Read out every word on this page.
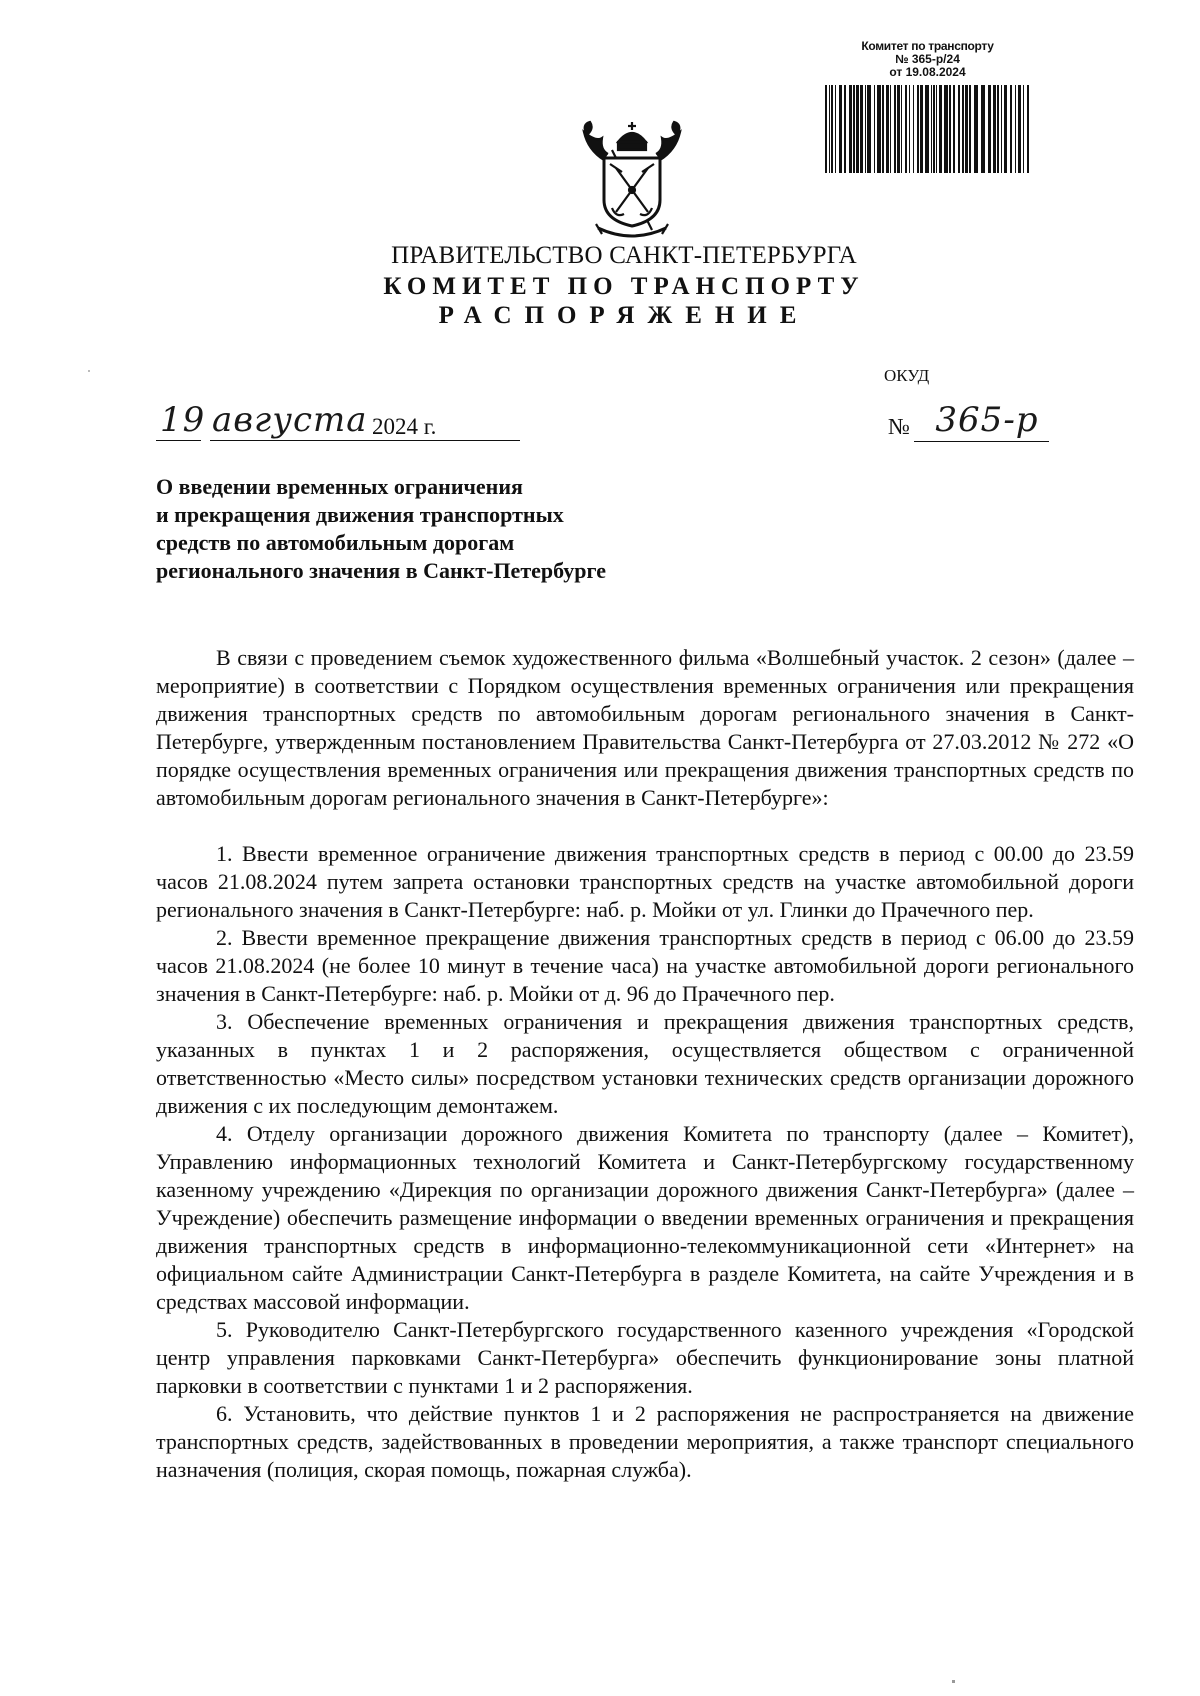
Комитет по транспорту
№ 365-р/24
от 19.08.2024
ПРАВИТЕЛЬСТВО САНКТ-ПЕТЕРБУРГА
КОМИТЕТ ПО ТРАНСПОРТУ
РАСПОРЯЖЕНИЕ
ОКУД
19 августа 2024 г.	№ 365-р
О введении временных ограничения
и прекращения движения транспортных
средств по автомобильным дорогам
регионального значения в Санкт-Петербурге

В связи с проведением съемок художественного фильма «Волшебный участок. 2 сезон» (далее – мероприятие) в соответствии с Порядком осуществления временных ограничения или прекращения движения транспортных средств по автомобильным дорогам регионального значения в Санкт-Петербурге, утвержденным постановлением Правительства Санкт-Петербурга от 27.03.2012 № 272 «О порядке осуществления временных ограничения или прекращения движения транспортных средств по автомобильным дорогам регионального значения в Санкт-Петербурге»:

1. Ввести временное ограничение движения транспортных средств в период с 00.00 до 23.59 часов 21.08.2024 путем запрета остановки транспортных средств на участке автомобильной дороги регионального значения в Санкт-Петербурге: наб. р. Мойки от ул. Глинки до Прачечного пер.

2. Ввести временное прекращение движения транспортных средств в период с 06.00 до 23.59 часов 21.08.2024 (не более 10 минут в течение часа) на участке автомобильной дороги регионального значения в Санкт-Петербурге: наб. р. Мойки от д. 96 до Прачечного пер.

3. Обеспечение временных ограничения и прекращения движения транспортных средств, указанных в пунктах 1 и 2 распоряжения, осуществляется обществом с ограниченной ответственностью «Место силы» посредством установки технических средств организации дорожного движения с их последующим демонтажем.

4. Отделу организации дорожного движения Комитета по транспорту (далее – Комитет), Управлению информационных технологий Комитета и Санкт-Петербургскому государственному казенному учреждению «Дирекция по организации дорожного движения Санкт-Петербурга» (далее – Учреждение) обеспечить размещение информации о введении временных ограничения и прекращения движения транспортных средств в информационно-телекоммуникационной сети «Интернет» на официальном сайте Администрации Санкт-Петербурга в разделе Комитета, на сайте Учреждения и в средствах массовой информации.

5. Руководителю Санкт-Петербургского государственного казенного учреждения «Городской центр управления парковками Санкт-Петербурга» обеспечить функционирование зоны платной парковки в соответствии с пунктами 1 и 2 распоряжения.

6. Установить, что действие пунктов 1 и 2 распоряжения не распространяется на движение транспортных средств, задействованных в проведении мероприятия, а также транспорт специального назначения (полиция, скорая помощь, пожарная служба).
